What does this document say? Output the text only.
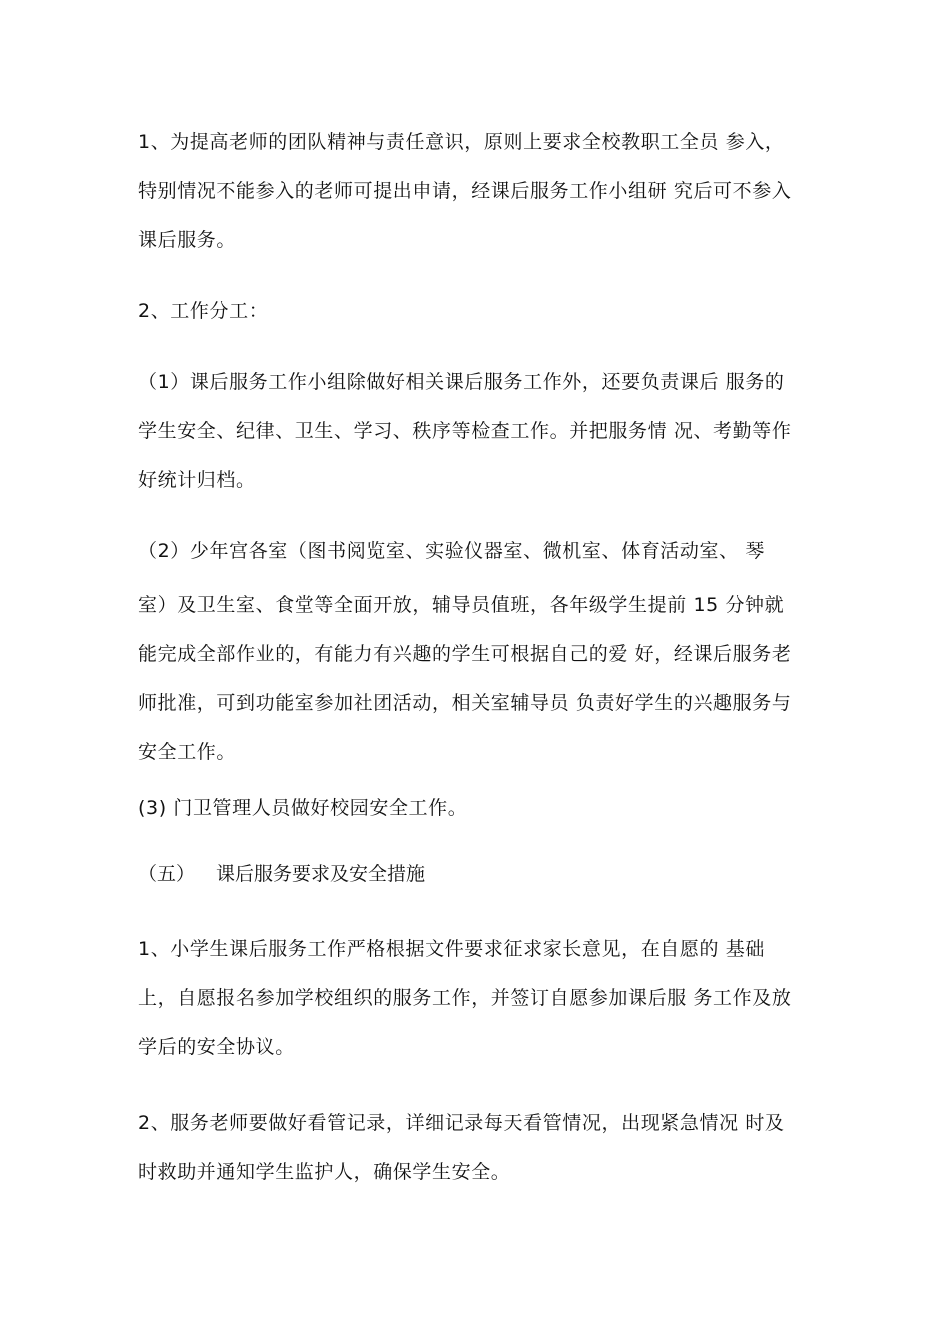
1、为提高老师的团队精神与责任意识，原则上要求全校教职工全员 参入，
特别情况不能参入的老师可提出申请，经课后服务工作小组研 究后可不参入
课后服务。
2、工作分工：
（1）课后服务工作小组除做好相关课后服务工作外，还要负责课后 服务的
学生安全、纪律、卫生、学习、秩序等检查工作。并把服务情 况、考勤等作
好统计归档。
（2）少年宫各室（图书阅览室、实验仪器室、微机室、体育活动室、 琴
室）及卫生室、食堂等全面开放，辅导员值班，各年级学生提前 15 分钟就
能完成全部作业的，有能力有兴趣的学生可根据自己的爱 好，经课后服务老
师批准，可到功能室参加社团活动，相关室辅导员 负责好学生的兴趣服务与
安全工作。
(3) 门卫管理人员做好校园安全工作。
（五） 课后服务要求及安全措施
1、小学生课后服务工作严格根据文件要求征求家长意见，在自愿的 基础
上，自愿报名参加学校组织的服务工作，并签订自愿参加课后服 务工作及放
学后的安全协议。
2、服务老师要做好看管记录，详细记录每天看管情况，出现紧急情况 时及
时救助并通知学生监护人，确保学生安全。
